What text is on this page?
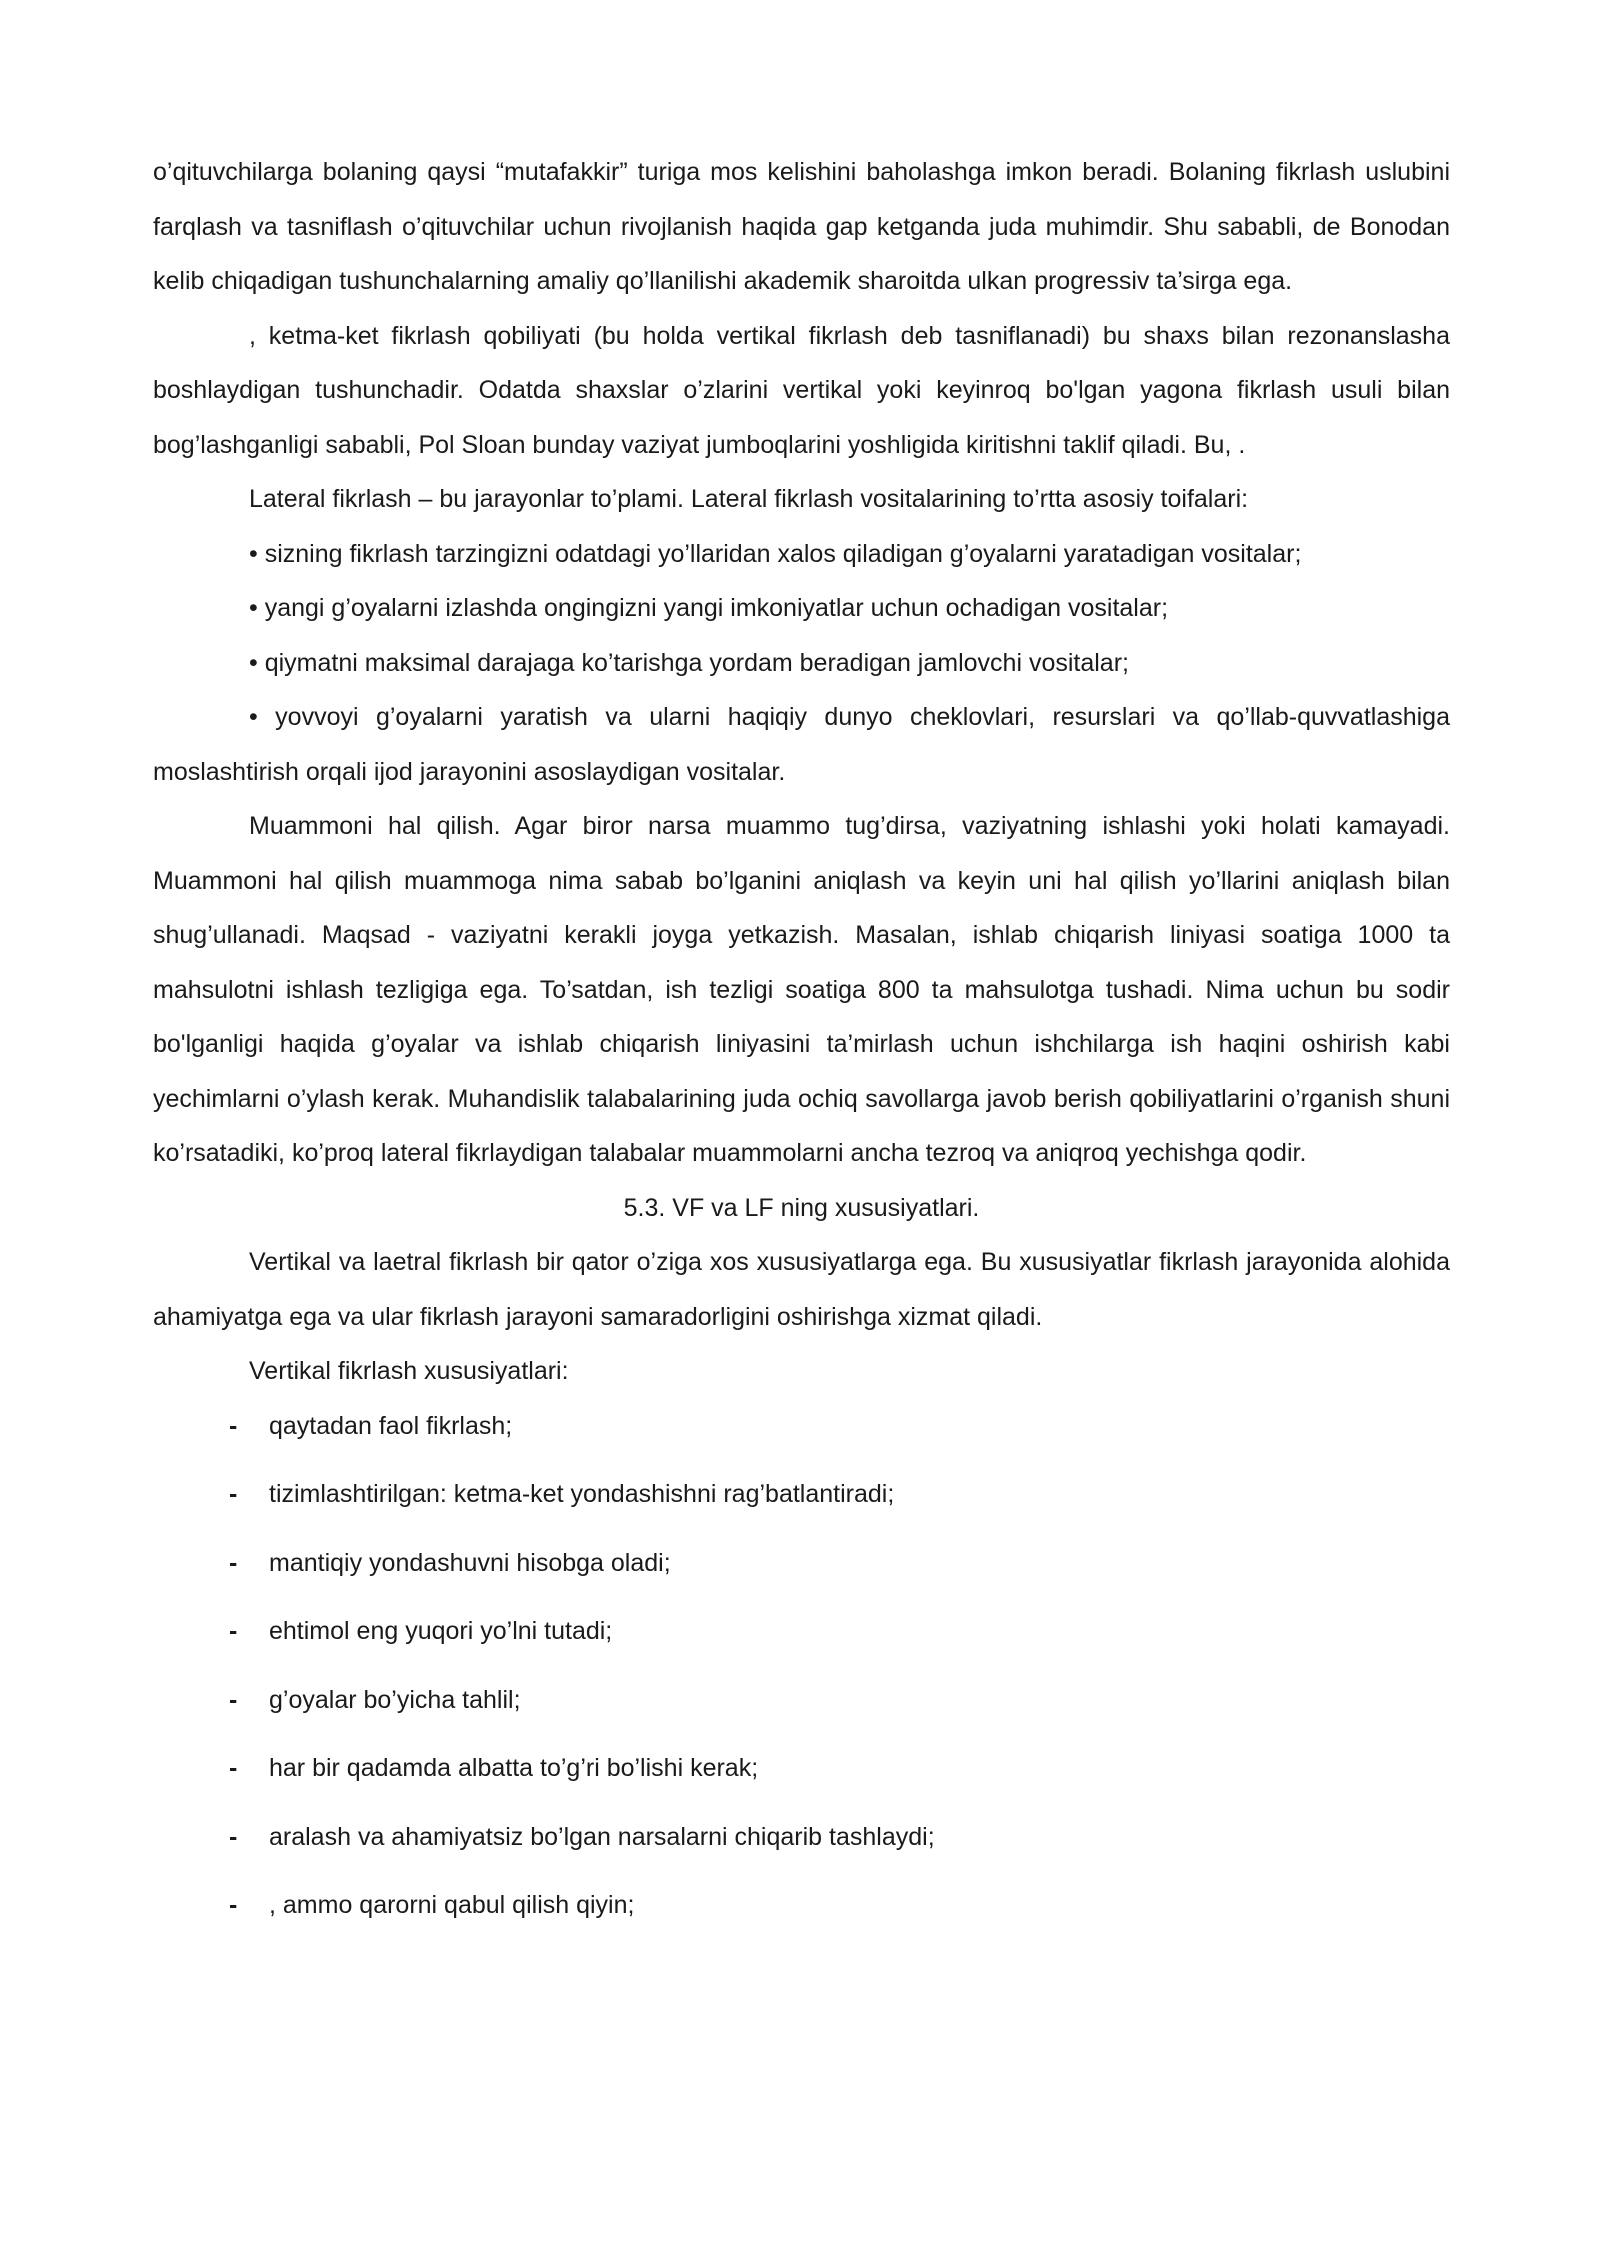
o’qituvchilarga bolaning qaysi “mutafakkir” turiga mos kelishini baholashga imkon beradi. Bolaning fikrlash uslubini farqlash va tasniflash o’qituvchilar uchun rivojlanish haqida gap ketganda juda muhimdir. Shu sababli, de Bonodan kelib chiqadigan tushunchalarning amaliy qo’llanilishi akademik sharoitda ulkan progressiv ta’sirga ega.

, ketma-ket fikrlash qobiliyati (bu holda vertikal fikrlash deb tasniflanadi) bu shaxs bilan rezonanslasha boshlaydigan tushunchadir. Odatda shaxslar o’zlarini vertikal yoki keyinroq bo'lgan yagona fikrlash usuli bilan bog’lashganligi sababli, Pol Sloan bunday vaziyat jumboqlarini yoshligida kiritishni taklif qiladi. Bu, .

Lateral fikrlash – bu jarayonlar to’plami. Lateral fikrlash vositalarining to’rtta asosiy toifalari:

• sizning fikrlash tarzingizni odatdagi yo’llaridan xalos qiladigan g’oyalarni yaratadigan vositalar;

• yangi g’oyalarni izlashda ongingizni yangi imkoniyatlar uchun ochadigan vositalar;

• qiymatni maksimal darajaga ko’tarishga yordam beradigan jamlovchi vositalar;

• yovvoyi g’oyalarni yaratish va ularni haqiqiy dunyo cheklovlari, resurslari va qo’llab-quvvatlashiga moslashtirish orqali ijod jarayonini asoslaydigan vositalar.

Muammoni hal qilish. Agar biror narsa muammo tug’dirsa, vaziyatning ishlashi yoki holati kamayadi. Muammoni hal qilish muammoga nima sabab bo’lganini aniqlash va keyin uni hal qilish yo’llarini aniqlash bilan shug’ullanadi. Maqsad - vaziyatni kerakli joyga yetkazish. Masalan, ishlab chiqarish liniyasi soatiga 1000 ta mahsulotni ishlash tezligiga ega. To’satdan, ish tezligi soatiga 800 ta mahsulotga tushadi. Nima uchun bu sodir bo'lganligi haqida g’oyalar va ishlab chiqarish liniyasini ta’mirlash uchun ishchilarga ish haqini oshirish kabi yechimlarni o’ylash kerak. Muhandislik talabalarining juda ochiq savollarga javob berish qobiliyatlarini o’rganish shuni ko’rsatadiki, ko’proq lateral fikrlaydigan talabalar muammolarni ancha tezroq va aniqroq yechishga qodir.

5.3. VF va LF ning xususiyatlari.

Vertikal va laetral fikrlash bir qator o’ziga xos xususiyatlarga ega. Bu xususiyatlar fikrlash jarayonida alohida ahamiyatga ega va ular fikrlash jarayoni samaradorligini oshirishga xizmat qiladi.

Vertikal fikrlash xususiyatlari:

- qaytadan faol fikrlash;
- tizimlashtirilgan: ketma-ket yondashishni rag’batlantiradi;
- mantiqiy yondashuvni hisobga oladi;
- ehtimol eng yuqori yo’lni tutadi;
- g’oyalar bo’yicha tahlil;
- har bir qadamda albatta to’g’ri bo’lishi kerak;
- aralash va ahamiyatsiz bo’lgan narsalarni chiqarib tashlaydi;
- , ammo qarorni qabul qilish qiyin;
